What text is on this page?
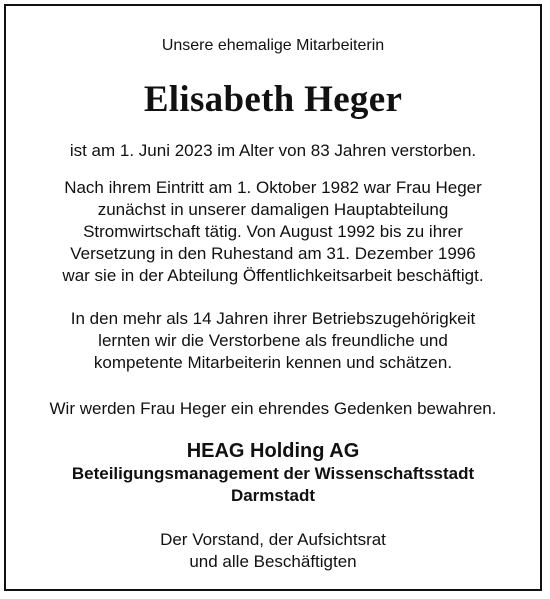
Unsere ehemalige Mitarbeiterin
Elisabeth Heger
ist am 1. Juni 2023 im Alter von 83 Jahren verstorben.
Nach ihrem Eintritt am 1. Oktober 1982 war Frau Heger
zunächst in unserer damaligen Hauptabteilung
Stromwirtschaft tätig. Von August 1992 bis zu ihrer
Versetzung in den Ruhestand am 31. Dezember 1996
war sie in der Abteilung Öffentlichkeitsarbeit beschäftigt.
In den mehr als 14 Jahren ihrer Betriebszugehörigkeit
lernten wir die Verstorbene als freundliche und
kompetente Mitarbeiterin kennen und schätzen.
Wir werden Frau Heger ein ehrendes Gedenken bewahren.
HEAG Holding AG
Beteiligungsmanagement der Wissenschaftsstadt
Darmstadt
Der Vorstand, der Aufsichtsrat
und alle Beschäftigten
